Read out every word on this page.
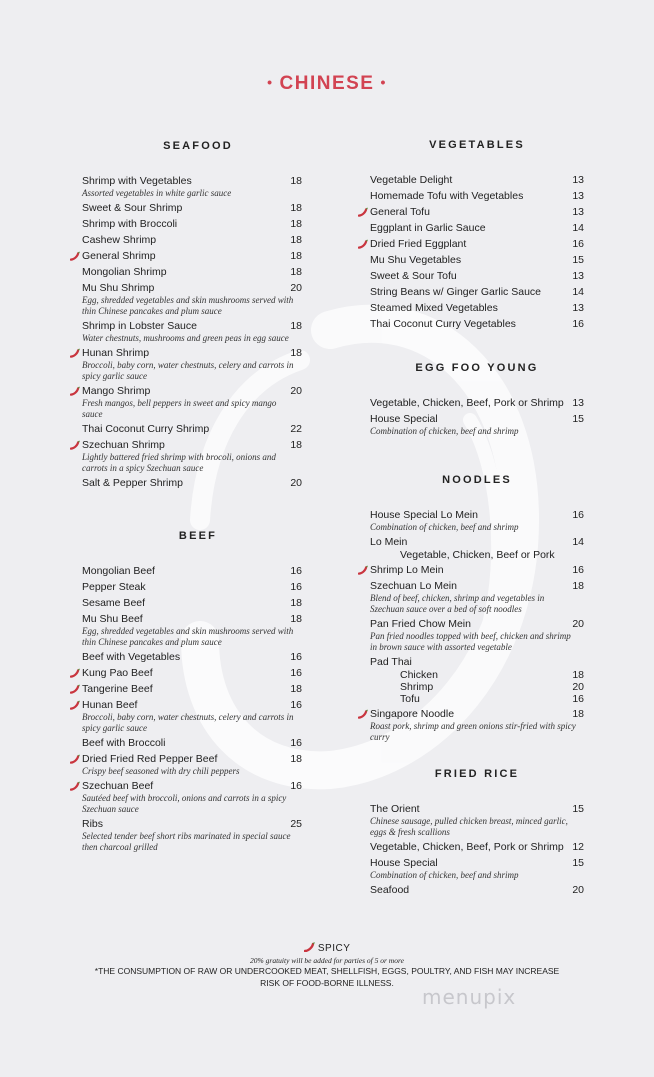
• CHINESE •
SEAFOOD
Shrimp with Vegetables	18
Assorted vegetables in white garlic sauce
Sweet & Sour Shrimp	18
Shrimp with Broccoli	18
Cashew Shrimp	18
General Shrimp	18
Mongolian Shrimp	18
Mu Shu Shrimp	20
Egg, shredded vegetables and skin mushrooms served with thin Chinese pancakes and plum sauce
Shrimp in Lobster Sauce	18
Water chestnuts, mushrooms and green peas in egg sauce
Hunan Shrimp	18
Broccoli, baby corn, water chestnuts, celery and carrots in spicy garlic sauce
Mango Shrimp	20
Fresh mangos, bell peppers in sweet and spicy mango sauce
Thai Coconut Curry Shrimp	22
Szechuan Shrimp	18
Lightly battered fried shrimp with brocoli, onions and carrots in a spicy Szechuan sauce
Salt & Pepper Shrimp	20
BEEF
Mongolian Beef	16
Pepper Steak	16
Sesame Beef	18
Mu Shu Beef	18
Egg, shredded vegetables and skin mushrooms served with thin Chinese pancakes and plum sauce
Beef with Vegetables	16
Kung Pao Beef	16
Tangerine Beef	18
Hunan Beef	16
Broccoli, baby corn, water chestnuts, celery and carrots in spicy garlic sauce
Beef with Broccoli	16
Dried Fried Red Pepper Beef	18
Crispy beef seasoned with dry chili peppers
Szechuan Beef	16
Sautéed beef with broccoli, onions and carrots in a spicy Szechuan sauce
Ribs	25
Selected tender beef short ribs marinated in special sauce then charcoal grilled
VEGETABLES
Vegetable Delight	13
Homemade Tofu with Vegetables	13
General Tofu	13
Eggplant in Garlic Sauce	14
Dried Fried Eggplant	16
Mu Shu Vegetables	15
Sweet & Sour Tofu	13
String Beans w/ Ginger Garlic Sauce	14
Steamed Mixed Vegetables	13
Thai Coconut Curry Vegetables	16
EGG FOO YOUNG
Vegetable, Chicken, Beef, Pork or Shrimp 13
House Special	15
Combination of chicken, beef and shrimp
NOODLES
House Special Lo Mein	16
Combination of chicken, beef and shrimp
Lo Mein	14
Vegetable, Chicken, Beef or Pork
Shrimp Lo Mein	16
Szechuan Lo Mein	18
Blend of beef, chicken, shrimp and vegetables in Szechuan sauce over a bed of soft noodles
Pan Fried Chow Mein	20
Pan fried noodles topped with beef, chicken and shrimp in brown sauce with assorted vegetable
Pad Thai
Chicken	18
Shrimp	20
Tofu	16
Singapore Noodle	18
Roast pork, shrimp and green onions stir-fried with spicy curry
FRIED RICE
The Orient	15
Chinese sausage, pulled chicken breast, minced garlic, eggs & fresh scallions
Vegetable, Chicken, Beef, Pork or Shrimp 12
House Special	15
Combination of chicken, beef and shrimp
Seafood	20
SPICY
20% gratuity will be added for parties of 5 or more
*THE CONSUMPTION OF RAW OR UNDERCOOKED MEAT, SHELLFISH, EGGS, POULTRY, AND FISH MAY INCREASE
RISK OF FOOD-BORNE ILLNESS.
menupix
